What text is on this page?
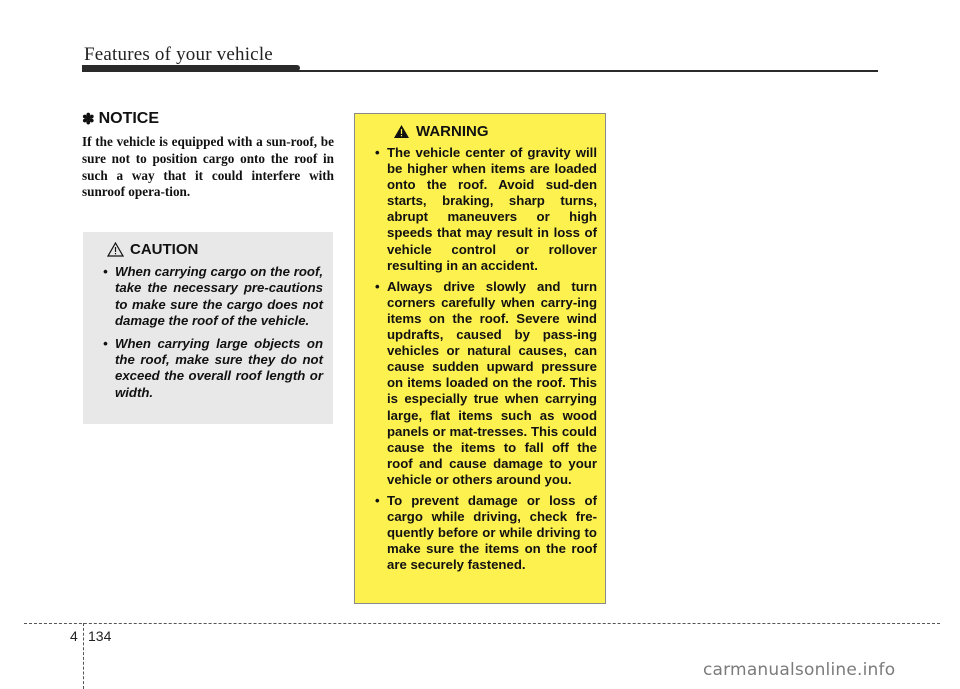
Features of your vehicle
✽ NOTICE

If the vehicle is equipped with a sun-roof, be sure not to position cargo onto the roof in such a way that it could interfere with sunroof opera-tion.

CAUTION
• When carrying cargo on the roof, take the necessary pre-cautions to make sure the cargo does not damage the roof of the vehicle.
• When carrying large objects on the roof, make sure they do not exceed the overall roof length or width.
WARNING
• The vehicle center of gravity will be higher when items are loaded onto the roof. Avoid sud-den starts, braking, sharp turns, abrupt maneuvers or high speeds that may result in loss of vehicle control or rollover resulting in an accident.
• Always drive slowly and turn corners carefully when carry-ing items on the roof. Severe wind updrafts, caused by pass-ing vehicles or natural causes, can cause sudden upward pressure on items loaded on the roof. This is especially true when carrying large, flat items such as wood panels or mat-tresses. This could cause the items to fall off the roof and cause damage to your vehicle or others around you.
• To prevent damage or loss of cargo while driving, check fre-quently before or while driving to make sure the items on the roof are securely fastened.
4 134
carmanualsonline.info
